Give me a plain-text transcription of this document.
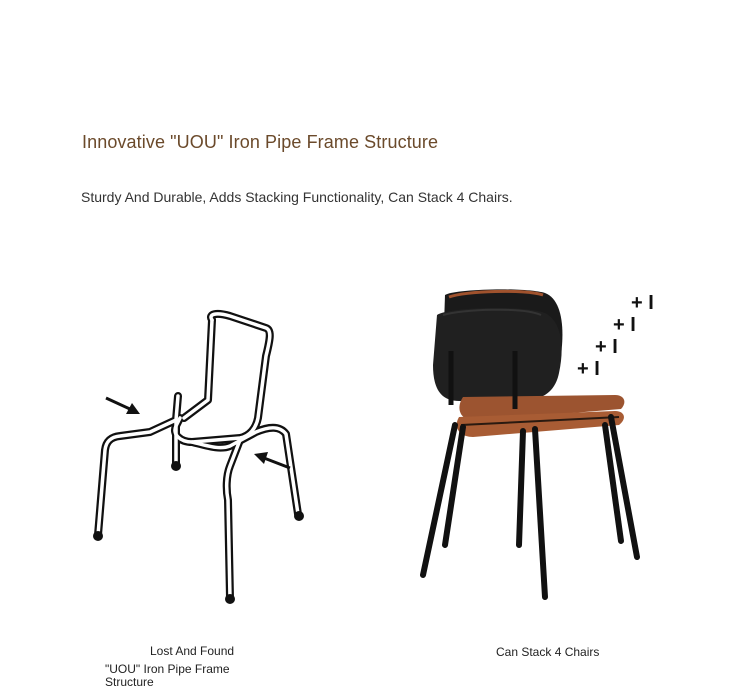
Innovative "UOU" Iron Pipe Frame Structure
Sturdy And Durable, Adds Stacking Functionality, Can Stack 4 Chairs.
+ I
+ I
+ I
+ I
Lost And Found
"UOU" Iron Pipe Frame Structure
Can Stack 4 Chairs
